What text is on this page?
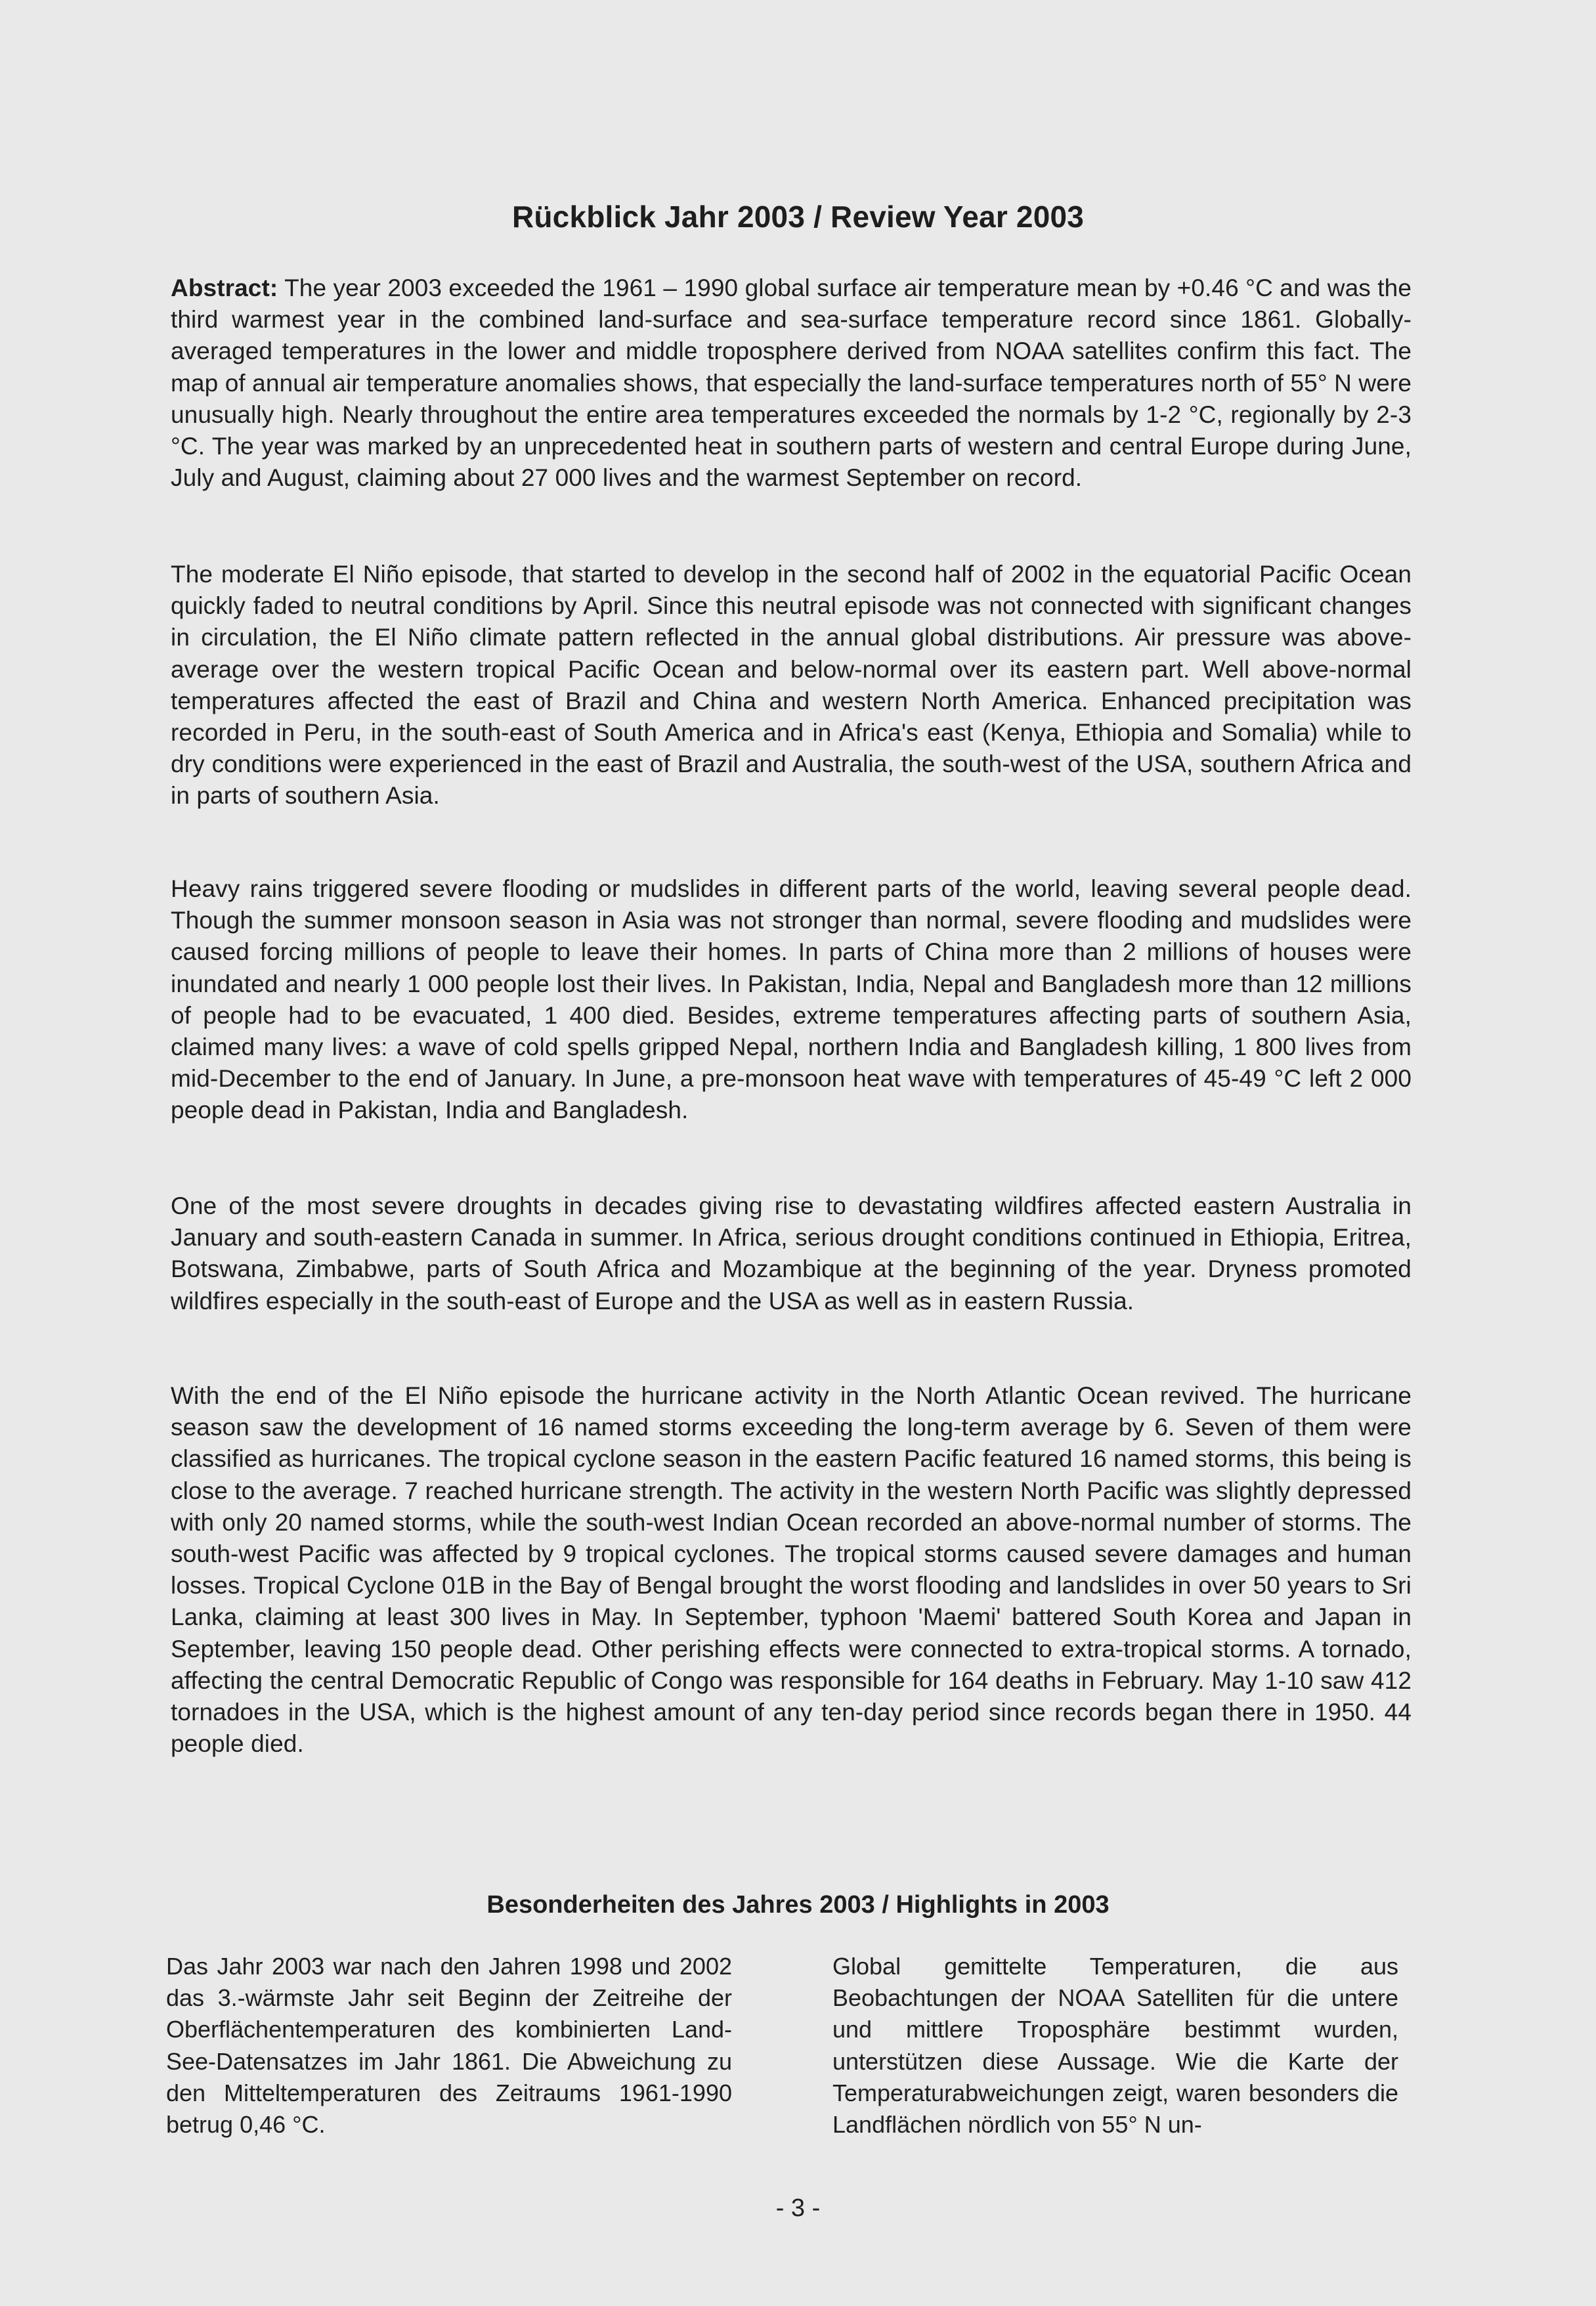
Rückblick Jahr 2003 / Review Year 2003

Abstract: The year 2003 exceeded the 1961 – 1990 global surface air temperature mean by +0.46 °C and was the third warmest year in the combined land-surface and sea-surface temperature record since 1861. Globally-averaged temperatures in the lower and middle troposphere derived from NOAA satellites confirm this fact. The map of annual air temperature anomalies shows, that especially the land-surface temperatures north of 55° N were unusually high. Nearly throughout the entire area temperatures exceeded the normals by 1-2 °C, regionally by 2-3 °C. The year was marked by an unprecedented heat in southern parts of western and central Europe during June, July and August, claiming about 27 000 lives and the warmest September on record.

The moderate El Niño episode, that started to develop in the second half of 2002 in the equatorial Pacific Ocean quickly faded to neutral conditions by April. Since this neutral episode was not connected with significant changes in circulation, the El Niño climate pattern reflected in the annual global distributions. Air pressure was above-average over the western tropical Pacific Ocean and below-normal over its eastern part. Well above-normal temperatures affected the east of Brazil and China and western North America. Enhanced precipitation was recorded in Peru, in the south-east of South America and in Africa's east (Kenya, Ethiopia and Somalia) while to dry conditions were experienced in the east of Brazil and Australia, the south-west of the USA, southern Africa and in parts of southern Asia.

Heavy rains triggered severe flooding or mudslides in different parts of the world, leaving several people dead. Though the summer monsoon season in Asia was not stronger than normal, severe flooding and mudslides were caused forcing millions of people to leave their homes. In parts of China more than 2 millions of houses were inundated and nearly 1 000 people lost their lives. In Pakistan, India, Nepal and Bangladesh more than 12 millions of people had to be evacuated, 1 400 died. Besides, extreme temperatures affecting parts of southern Asia, claimed many lives: a wave of cold spells gripped Nepal, northern India and Bangladesh killing, 1 800 lives from mid-December to the end of January. In June, a pre-monsoon heat wave with temperatures of 45-49 °C left 2 000 people dead in Pakistan, India and Bangladesh.

One of the most severe droughts in decades giving rise to devastating wildfires affected eastern Australia in January and south-eastern Canada in summer. In Africa, serious drought conditions continued in Ethiopia, Eritrea, Botswana, Zimbabwe, parts of South Africa and Mozambique at the beginning of the year. Dryness promoted wildfires especially in the south-east of Europe and the USA as well as in eastern Russia.

With the end of the El Niño episode the hurricane activity in the North Atlantic Ocean revived. The hurricane season saw the development of 16 named storms exceeding the long-term average by 6. Seven of them were classified as hurricanes. The tropical cyclone season in the eastern Pacific featured 16 named storms, this being is close to the average. 7 reached hurricane strength. The activity in the western North Pacific was slightly depressed with only 20 named storms, while the south-west Indian Ocean recorded an above-normal number of storms. The south-west Pacific was affected by 9 tropical cyclones. The tropical storms caused severe damages and human losses. Tropical Cyclone 01B in the Bay of Bengal brought the worst flooding and landslides in over 50 years to Sri Lanka, claiming at least 300 lives in May. In September, typhoon 'Maemi' battered South Korea and Japan in September, leaving 150 people dead. Other perishing effects were connected to extra-tropical storms. A tornado, affecting the central Democratic Republic of Congo was responsible for 164 deaths in February. May 1-10 saw 412 tornadoes in the USA, which is the highest amount of any ten-day period since records began there in 1950. 44 people died.

Besonderheiten des Jahres 2003 / Highlights in 2003

Das Jahr 2003 war nach den Jahren 1998 und 2002 das 3.-wärmste Jahr seit Beginn der Zeitreihe der Oberflächentemperaturen des kombinierten Land-See-Datensatzes im Jahr 1861. Die Abweichung zu den Mitteltemperaturen des Zeitraums 1961-1990 betrug 0,46 °C.

Global gemittelte Temperaturen, die aus Beobachtungen der NOAA Satelliten für die untere und mittlere Troposphäre bestimmt wurden, unterstützen diese Aussage. Wie die Karte der Temperaturabweichungen zeigt, waren besonders die Landflächen nördlich von 55° N un-

- 3 -
